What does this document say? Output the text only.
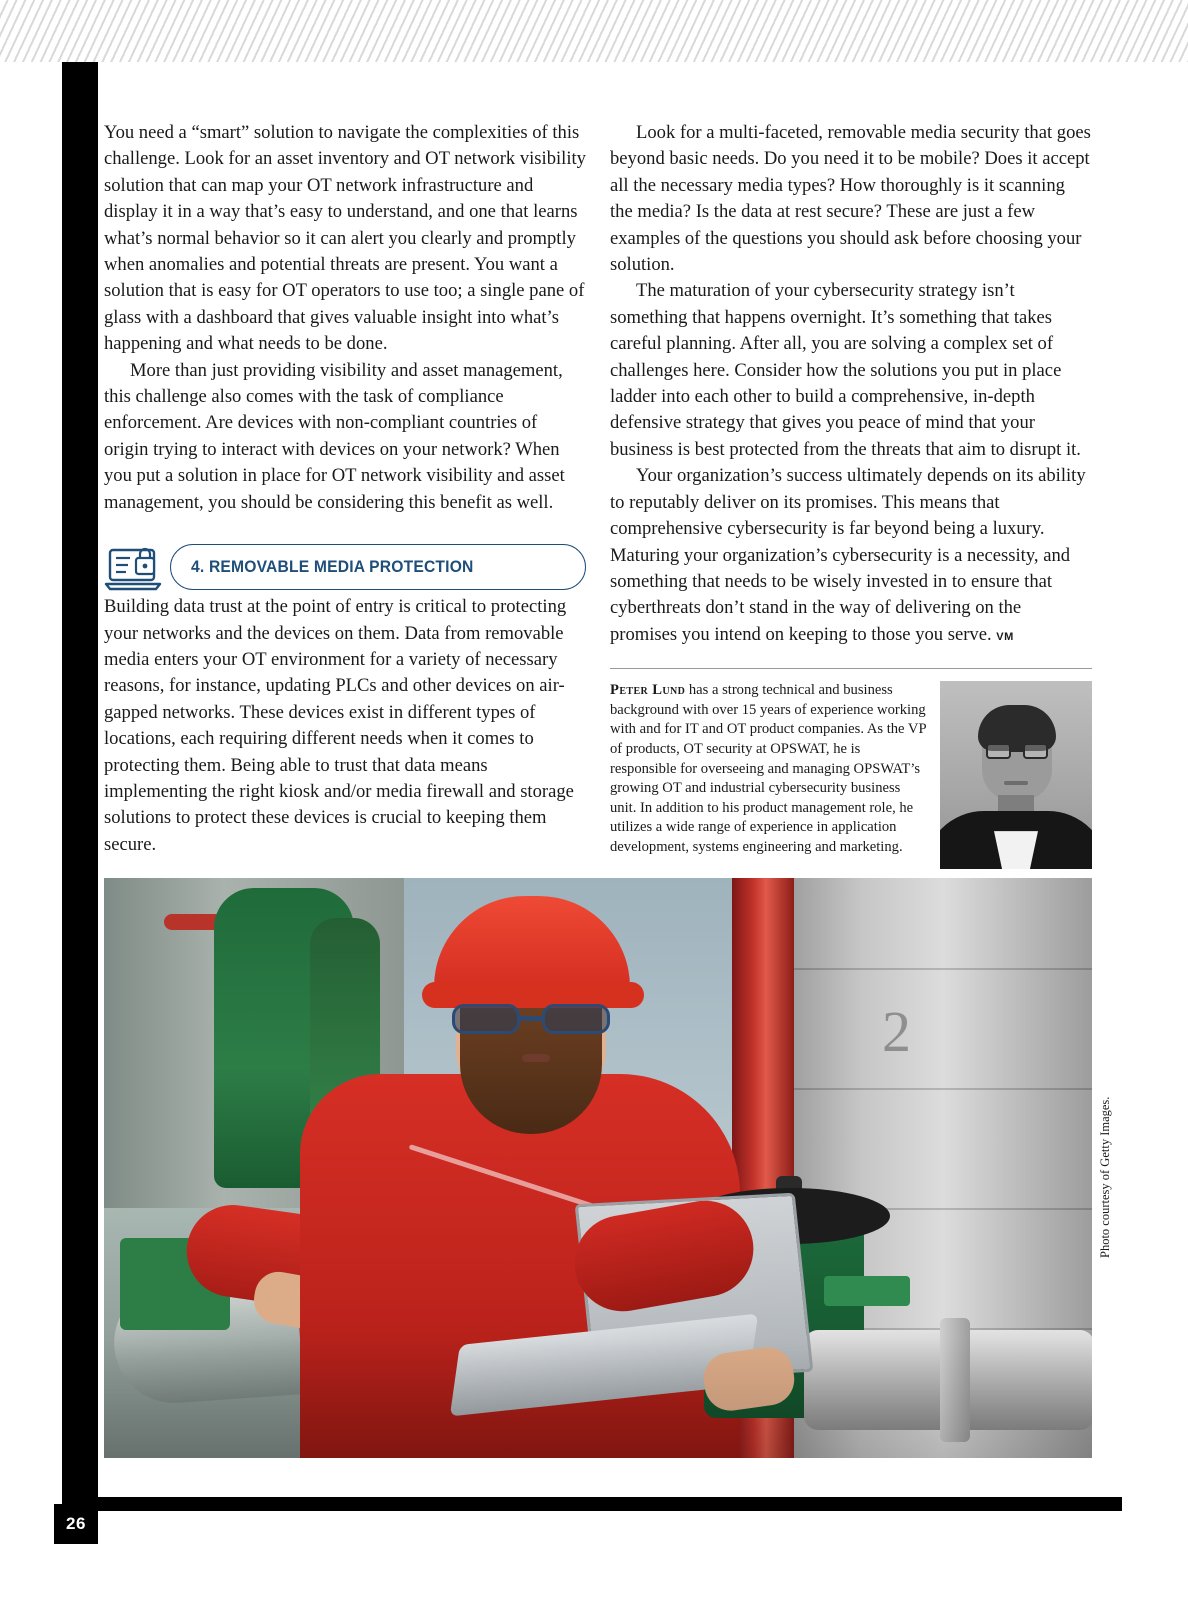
26

You need a “smart” solution to navigate the complexities of this challenge. Look for an asset inventory and OT network visibility solution that can map your OT network infrastructure and display it in a way that’s easy to understand, and one that learns what’s normal behavior so it can alert you clearly and promptly when anomalies and potential threats are present. You want a solution that is easy for OT operators to use too; a single pane of glass with a dashboard that gives valuable insight into what’s happening and what needs to be done.

More than just providing visibility and asset management, this challenge also comes with the task of compliance enforcement. Are devices with non-compliant countries of origin trying to interact with devices on your network? When you put a solution in place for OT network visibility and asset management, you should be considering this benefit as well.

4. REMOVABLE MEDIA PROTECTION

Building data trust at the point of entry is critical to protecting your networks and the devices on them. Data from removable media enters your OT environment for a variety of necessary reasons, for instance, updating PLCs and other devices on air-gapped networks. These devices exist in different types of locations, each requiring different needs when it comes to protecting them. Being able to trust that data means implementing the right kiosk and/or media firewall and storage solutions to protect these devices is crucial to keeping them secure.

Look for a multi-faceted, removable media security that goes beyond basic needs. Do you need it to be mobile? Does it accept all the necessary media types? How thoroughly is it scanning the media? Is the data at rest secure? These are just a few examples of the questions you should ask before choosing your solution.

The maturation of your cybersecurity strategy isn’t something that happens overnight. It’s something that takes careful planning. After all, you are solving a complex set of challenges here. Consider how the solutions you put in place ladder into each other to build a comprehensive, in-depth defensive strategy that gives you peace of mind that your business is best protected from the threats that aim to disrupt it.

Your organization’s success ultimately depends on its ability to reputably deliver on its promises. This means that comprehensive cybersecurity is far beyond being a luxury. Maturing your organization’s cybersecurity is a necessity, and something that needs to be wisely invested in to ensure that cyberthreats don’t stand in the way of delivering on the promises you intend on keeping to those you serve. VM

Peter Lund has a strong technical and business background with over 15 years of experience working with and for IT and OT product companies. As the VP of products, OT security at OPSWAT, he is responsible for overseeing and managing OPSWAT’s growing OT and industrial cybersecurity business unit. In addition to his product management role, he utilizes a wide range of experience in application development, systems engineering and marketing.
2
Photo courtesy of Getty Images.
